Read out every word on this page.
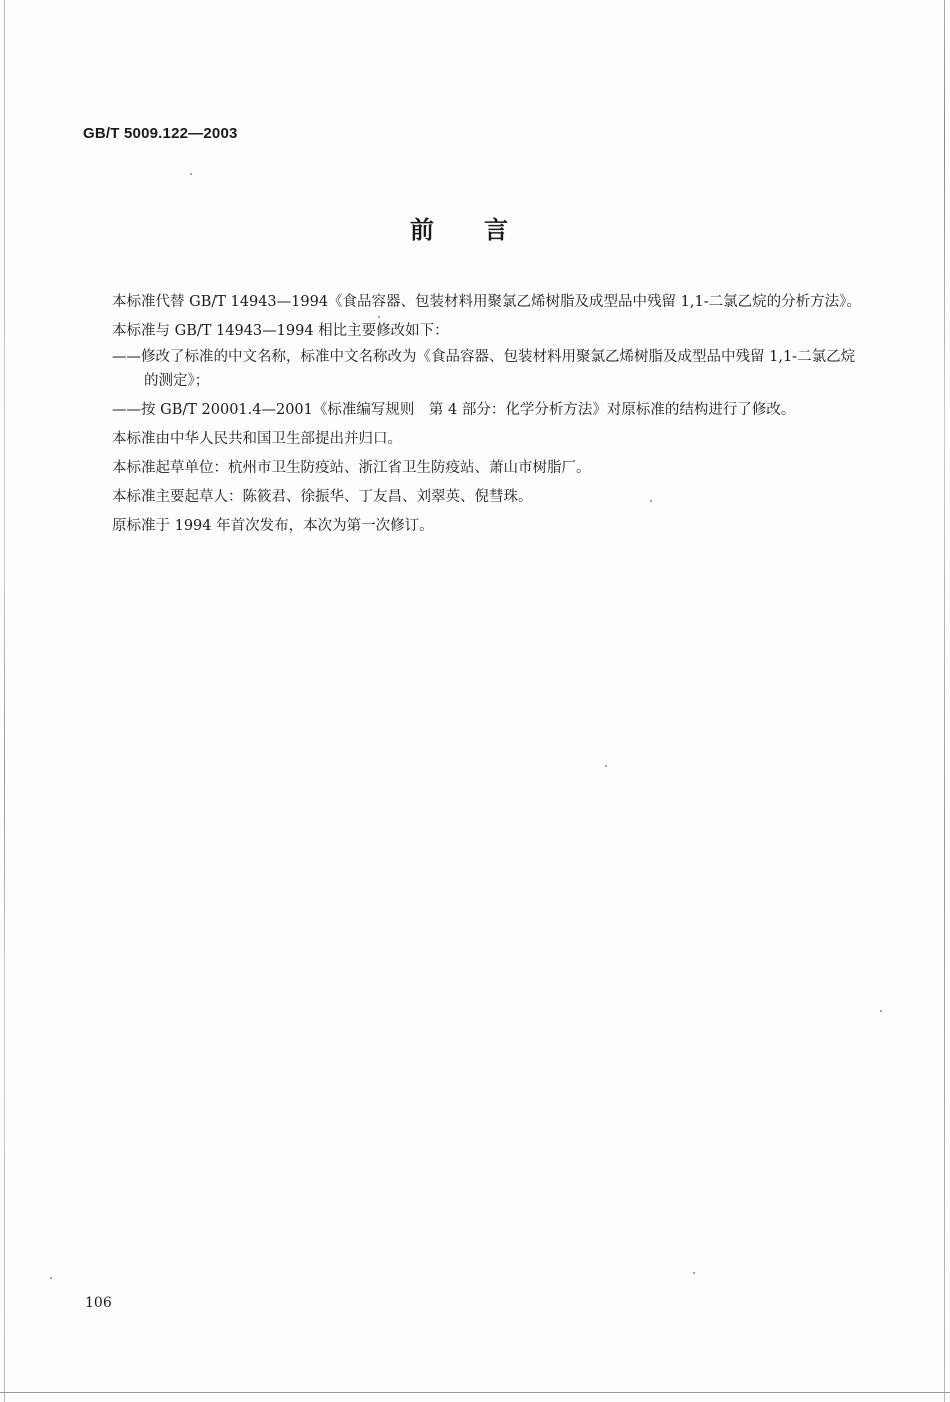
GB/T 5009.122—2003
前言

本标准代替 GB/T 14943—1994《食品容器、包装材料用聚氯乙烯树脂及成型品中残留 1,1-二氯乙烷的分析方法》。

本标准与 GB/T 14943—1994 相比主要修改如下：

——修改了标准的中文名称，标准中文名称改为《食品容器、包装材料用聚氯乙烯树脂及成型品中残留 1,1-二氯乙烷的测定》；

——按 GB/T 20001.4—2001《标准编写规则　第 4 部分：化学分析方法》对原标准的结构进行了修改。

本标准由中华人民共和国卫生部提出并归口。

本标准起草单位：杭州市卫生防疫站、浙江省卫生防疫站、萧山市树脂厂。

本标准主要起草人：陈筱君、徐振华、丁友昌、刘翠英、倪彗珠。

原标准于 1994 年首次发布，本次为第一次修订。

106
